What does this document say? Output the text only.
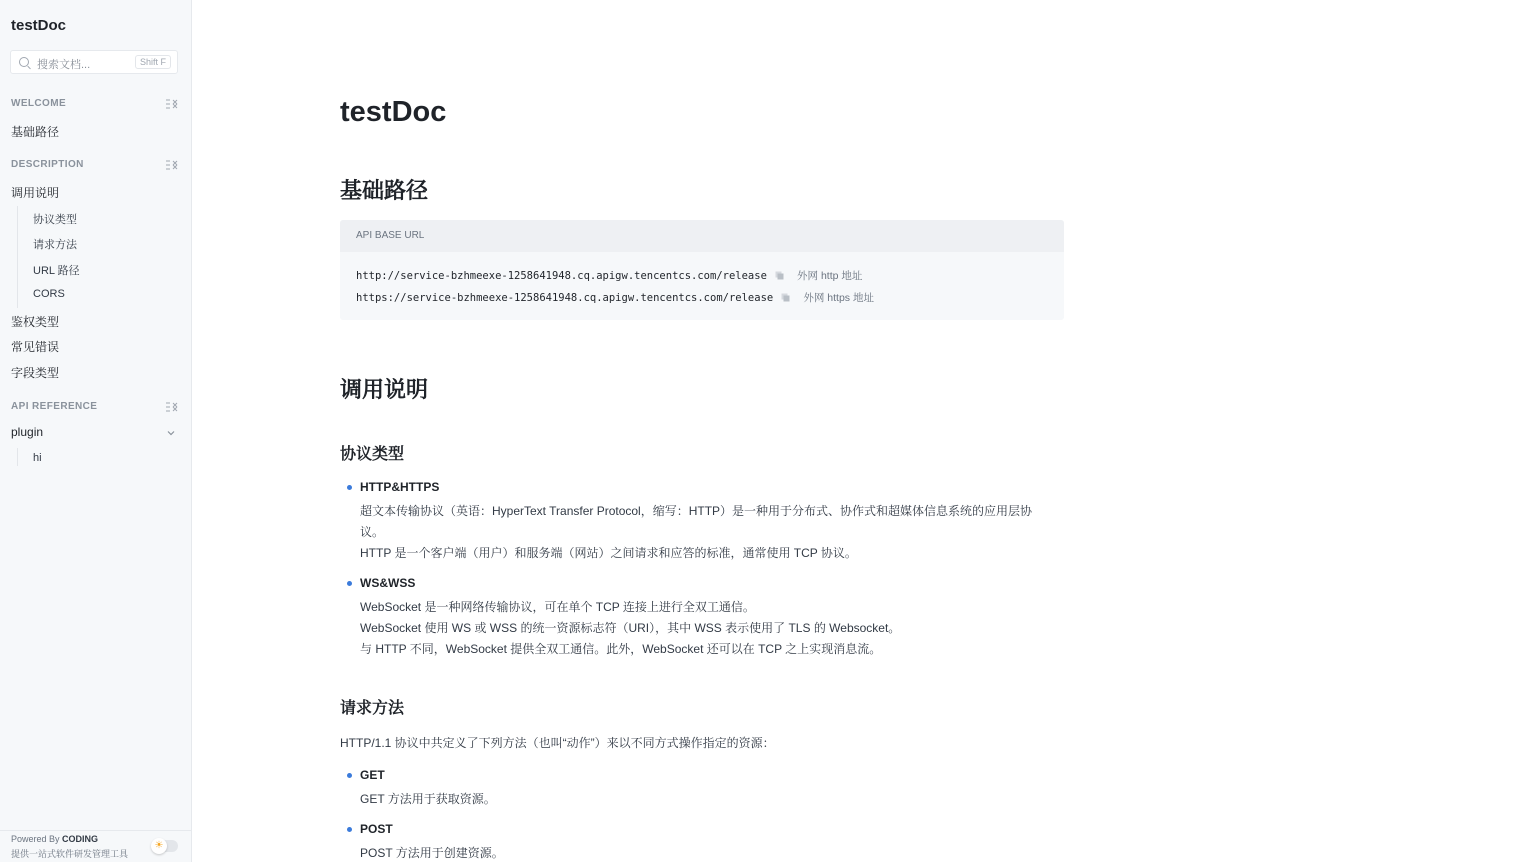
testDoc
搜索文档...	Shift F
WELCOME
基础路径
DESCRIPTION
调用说明
协议类型
请求方法
URL 路径
CORS
鉴权类型
常见错误
字段类型
API REFERENCE
plugin
hi
Powered By CODING
提供一站式软件研发管理工具
☀
testDoc
基础路径
API BASE URL
http://service-bzhmeexe-1258641948.cq.apigw.tencentcs.com/release	外网 http 地址
https://service-bzhmeexe-1258641948.cq.apigw.tencentcs.com/release	外网 https 地址
调用说明
协议类型
HTTP&HTTPS
超文本传输协议（英语：HyperText Transfer Protocol，缩写：HTTP）是一种用于分布式、协作式和超媒体信息系统的应用层协议。
HTTP 是一个客户端（用户）和服务端（网站）之间请求和应答的标准，通常使用 TCP 协议。
WS&WSS
WebSocket 是一种网络传输协议，可在单个 TCP 连接上进行全双工通信。
WebSocket 使用 WS 或 WSS 的统一资源标志符（URI），其中 WSS 表示使用了 TLS 的 Websocket。
与 HTTP 不同，WebSocket 提供全双工通信。此外，WebSocket 还可以在 TCP 之上实现消息流。
请求方法
HTTP/1.1 协议中共定义了下列方法（也叫“动作”）来以不同方式操作指定的资源：
GET
GET 方法用于获取资源。
POST
POST 方法用于创建资源。
